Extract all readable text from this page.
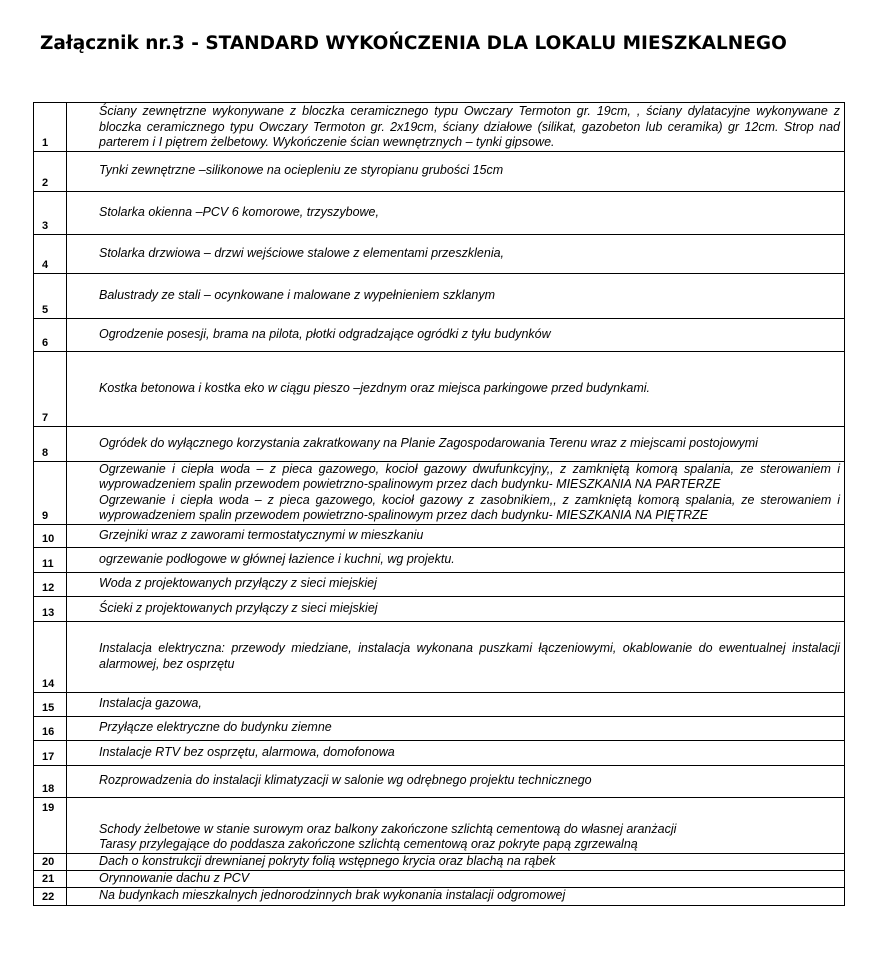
Załącznik nr.3 - STANDARD WYKOŃCZENIA DLA LOKALU MIESZKALNEGO
1	Ściany zewnętrzne wykonywane z bloczka ceramicznego typu Owczary Termoton gr. 19cm, , ściany dylatacyjne wykonywane z bloczka ceramicznego typu Owczary Termoton gr. 2x19cm, ściany działowe (silikat, gazobeton lub ceramika) gr 12cm. Strop nad parterem i I piętrem żelbetowy. Wykończenie ścian wewnętrznych – tynki gipsowe.
2	Tynki zewnętrzne –silikonowe na ociepleniu ze styropianu grubości 15cm
3	Stolarka okienna –PCV 6 komorowe, trzyszybowe,
4	Stolarka drzwiowa – drzwi wejściowe stalowe z elementami przeszklenia,
5	Balustrady ze stali – ocynkowane i malowane z wypełnieniem szklanym
6	Ogrodzenie posesji, brama na pilota, płotki odgradzające ogródki z tyłu budynków
7	Kostka betonowa i kostka eko w ciągu pieszo –jezdnym oraz miejsca parkingowe przed budynkami.
8	Ogródek do wyłącznego korzystania zakratkowany na Planie Zagospodarowania Terenu wraz z miejscami postojowymi
9	Ogrzewanie i ciepła woda – z pieca gazowego, kocioł gazowy dwufunkcyjny,, z zamkniętą komorą spalania, ze sterowaniem i wyprowadzeniem spalin przewodem powietrzno-spalinowym przez dach budynku- MIESZKANIA NA PARTERZE
Ogrzewanie i ciepła woda – z pieca gazowego, kocioł gazowy z zasobnikiem,, z zamkniętą komorą spalania, ze sterowaniem i wyprowadzeniem spalin przewodem powietrzno-spalinowym przez dach budynku- MIESZKANIA NA PIĘTRZE

10	Grzejniki wraz z zaworami termostatycznymi w mieszkaniu
11	ogrzewanie podłogowe w głównej łazience i kuchni, wg projektu.
12	Woda z projektowanych przyłączy z sieci miejskiej
13	Ścieki z projektowanych przyłączy z sieci miejskiej
14	Instalacja elektryczna: przewody miedziane, instalacja wykonana puszkami łączeniowymi, okablowanie do ewentualnej instalacji alarmowej, bez osprzętu
15	Instalacja gazowa,
16	Przyłącze elektryczne do budynku ziemne
17	Instalacje RTV bez osprzętu, alarmowa, domofonowa
18	Rozprowadzenia do instalacji klimatyzacji w salonie wg odrębnego projektu technicznego
19	Schody żelbetowe w stanie surowym oraz balkony zakończone szlichtą cementową do własnej aranżacji
Tarasy przylegające do poddasza zakończone szlichtą cementową oraz pokryte papą zgrzewalną

20	Dach o konstrukcji drewnianej pokryty folią wstępnego krycia oraz blachą na rąbek
21	Orynnowanie dachu z PCV
22	Na budynkach mieszkalnych jednorodzinnych brak wykonania instalacji odgromowej
